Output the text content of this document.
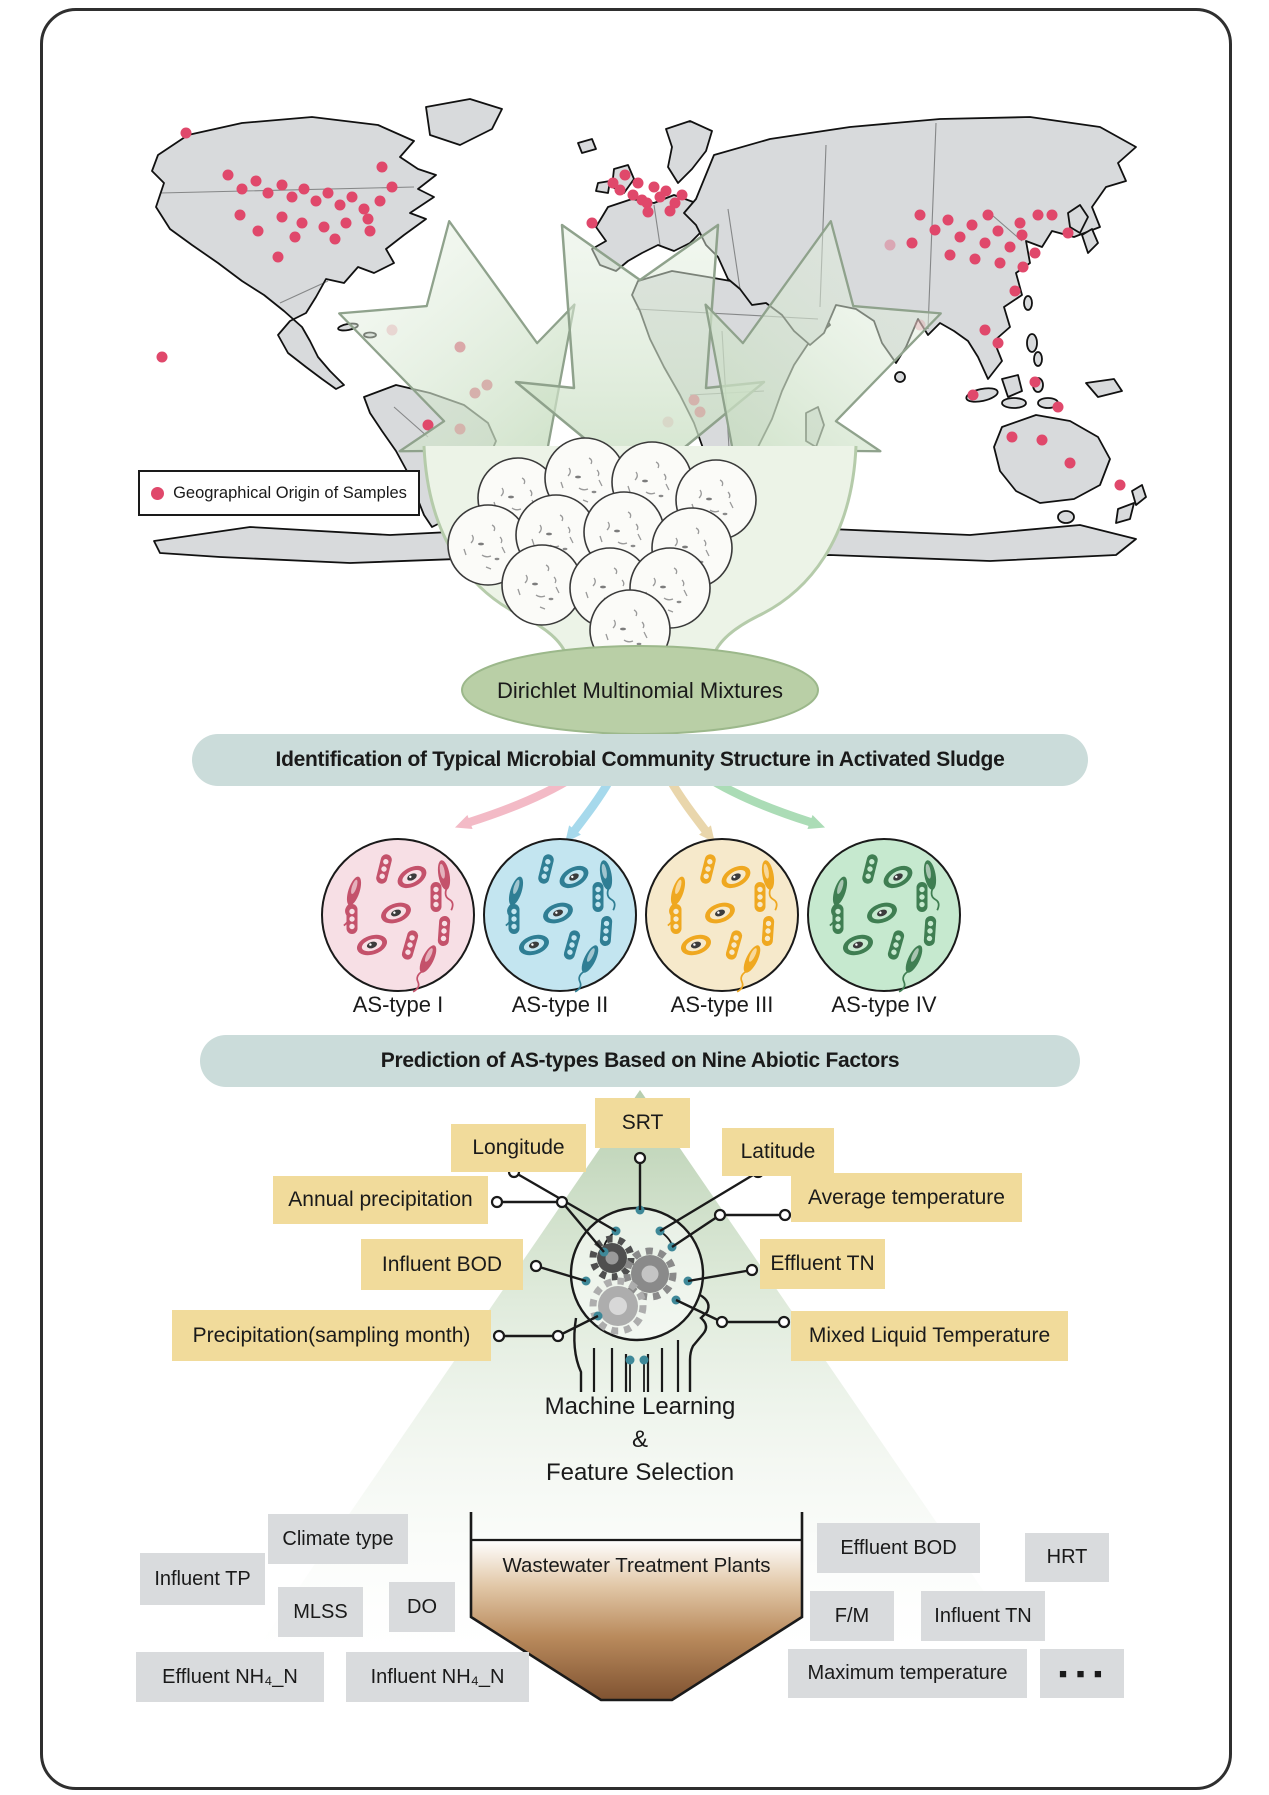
Geographical Origin of Samples
Dirichlet Multinomial Mixtures
Identification of Typical Microbial Community Structure in Activated Sludge
AS-type I	AS-type II	AS-type III	AS-type IV
Prediction of AS-types Based on Nine Abiotic Factors
SRT
Longitude	Latitude
Annual precipitation	Average temperature
Influent BOD	Effluent TN
Precipitation(sampling month)	Mixed Liquid Temperature
Machine Learning
&
Feature Selection
Wastewater Treatment Plants
Climate type
Influent TP
MLSS	DO
Effluent NH₄_N	Influent NH₄_N
Effluent BOD	HRT
F/M	Influent TN
Maximum temperature	■ ■ ■
